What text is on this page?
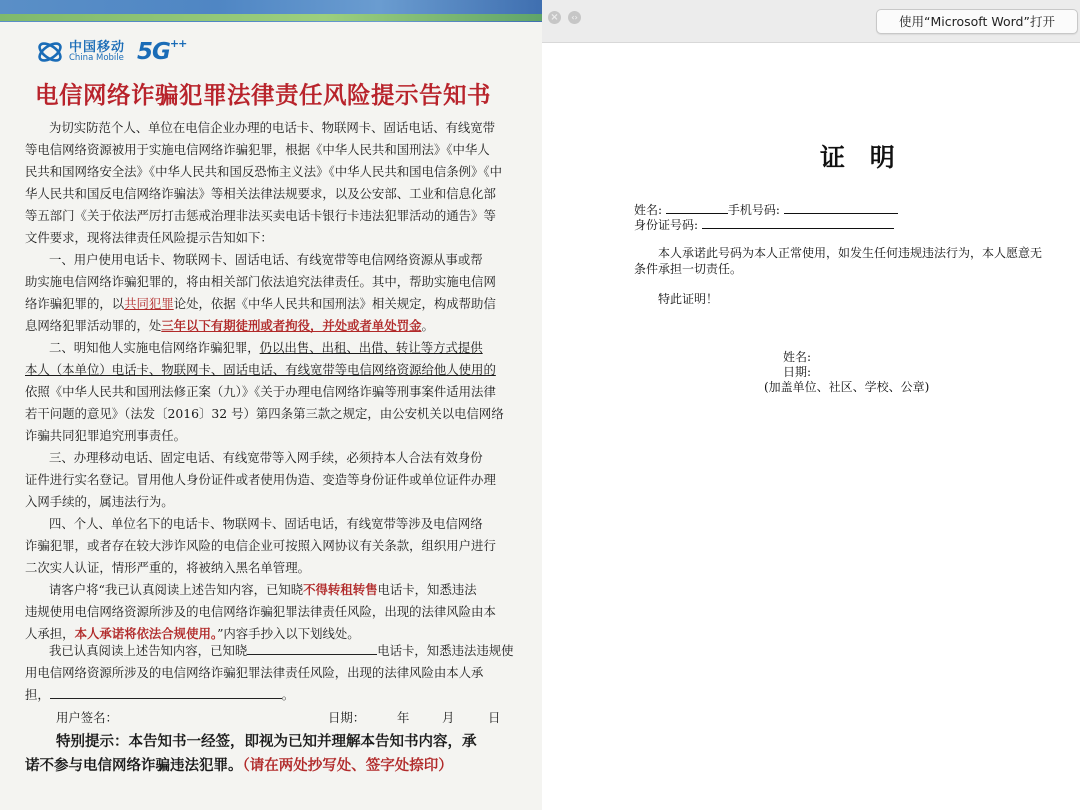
中国移动
China Mobile 5G++
电信网络诈骗犯罪法律责任风险提示告知书
为切实防范个人、单位在电信企业办理的电话卡、物联网卡、固话电话、有线宽带
等电信网络资源被用于实施电信网络诈骗犯罪，根据《中华人民共和国刑法》《中华人
民共和国网络安全法》《中华人民共和国反恐怖主义法》《中华人民共和国电信条例》《中
华人民共和国反电信网络诈骗法》等相关法律法规要求，以及公安部、工业和信息化部
等五部门《关于依法严厉打击惩戒治理非法买卖电话卡银行卡违法犯罪活动的通告》等
文件要求，现将法律责任风险提示告知如下：
一、用户使用电话卡、物联网卡、固话电话、有线宽带等电信网络资源从事或帮
助实施电信网络诈骗犯罪的，将由相关部门依法追究法律责任。其中，帮助实施电信网
络诈骗犯罪的，以共同犯罪论处，依据《中华人民共和国刑法》相关规定，构成帮助信
息网络犯罪活动罪的，处三年以下有期徒刑或者拘役，并处或者单处罚金。
二、明知他人实施电信网络诈骗犯罪，仍以出售、出租、出借、转让等方式提供
本人（本单位）电话卡、物联网卡、固话电话、有线宽带等电信网络资源给他人使用的
依照《中华人民共和国刑法修正案（九）》《关于办理电信网络诈骗等刑事案件适用法律
若干问题的意见》（法发〔2016〕32 号）第四条第三款之规定，由公安机关以电信网络
诈骗共同犯罪追究刑事责任。
三、办理移动电话、固定电话、有线宽带等入网手续，必须持本人合法有效身份
证件进行实名登记。冒用他人身份证件或者使用伪造、变造等身份证件或单位证件办理
入网手续的，属违法行为。
四、个人、单位名下的电话卡、物联网卡、固话电话，有线宽带等涉及电信网络
诈骗犯罪，或者存在较大涉诈风险的电信企业可按照入网协议有关条款，组织用户进行
二次实人认证，情形严重的，将被纳入黑名单管理。
请客户将“我已认真阅读上述告知内容，已知晓不得转租转售电话卡，知悉违法
违规使用电信网络资源所涉及的电信网络诈骗犯罪法律责任风险，出现的法律风险由本
人承担，本人承诺将依法合规使用。”内容手抄入以下划线处。
我已认真阅读上述告知内容，已知晓	电话卡，知悉违法违规使
用电信网络资源所涉及的电信网络诈骗犯罪法律责任风险，出现的法律风险由本人承
担，	。
用户签名：	日期：	年	月	日
特别提示：本告知书一经签，即视为已知并理解本告知书内容，承
诺不参与电信网络诈骗违法犯罪。（请在两处抄写处、签字处捺印）
×	‹›	使用“Microsoft Word”打开
证 明
姓名:	手机号码:
身份证号码:
本人承诺此号码为本人正常使用，如发生任何违规违法行为，本人愿意无
条件承担一切责任。
特此证明！
姓名:
日期:
(加盖单位、社区、学校、公章)
